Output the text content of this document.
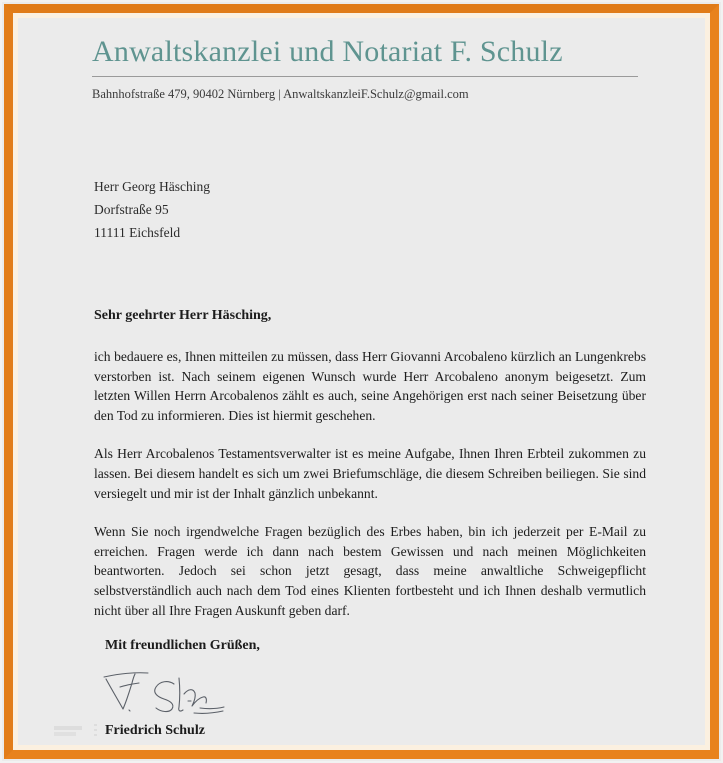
Anwaltskanzlei und Notariat F. Schulz
Bahnhofstraße 479, 90402 Nürnberg | AnwaltskanzleiF.Schulz@gmail.com
Herr Georg Häsching
Dorfstraße 95
11111 Eichsfeld
Sehr geehrter Herr Häsching,

ich bedauere es, Ihnen mitteilen zu müssen, dass Herr Giovanni Arcobaleno kürzlich an Lungenkrebs verstorben ist. Nach seinem eigenen Wunsch wurde Herr Arcobaleno anonym beigesetzt. Zum letzten Willen Herrn Arcobalenos zählt es auch, seine Angehörigen erst nach seiner Beisetzung über den Tod zu informieren. Dies ist hiermit geschehen.

Als Herr Arcobalenos Testamentsverwalter ist es meine Aufgabe, Ihnen Ihren Erbteil zukommen zu lassen. Bei diesem handelt es sich um zwei Briefumschläge, die diesem Schreiben beiliegen. Sie sind versiegelt und mir ist der Inhalt gänzlich unbekannt.

Wenn Sie noch irgendwelche Fragen bezüglich des Erbes haben, bin ich jederzeit per E-Mail zu erreichen. Fragen werde ich dann nach bestem Gewissen und nach meinen Möglichkeiten beantworten. Jedoch sei schon jetzt gesagt, dass meine anwaltliche Schweigepflicht selbstverständlich auch nach dem Tod eines Klienten fortbesteht und ich Ihnen deshalb vermutlich nicht über all Ihre Fragen Auskunft geben darf.

Mit freundlichen Grüßen,
Friedrich Schulz
